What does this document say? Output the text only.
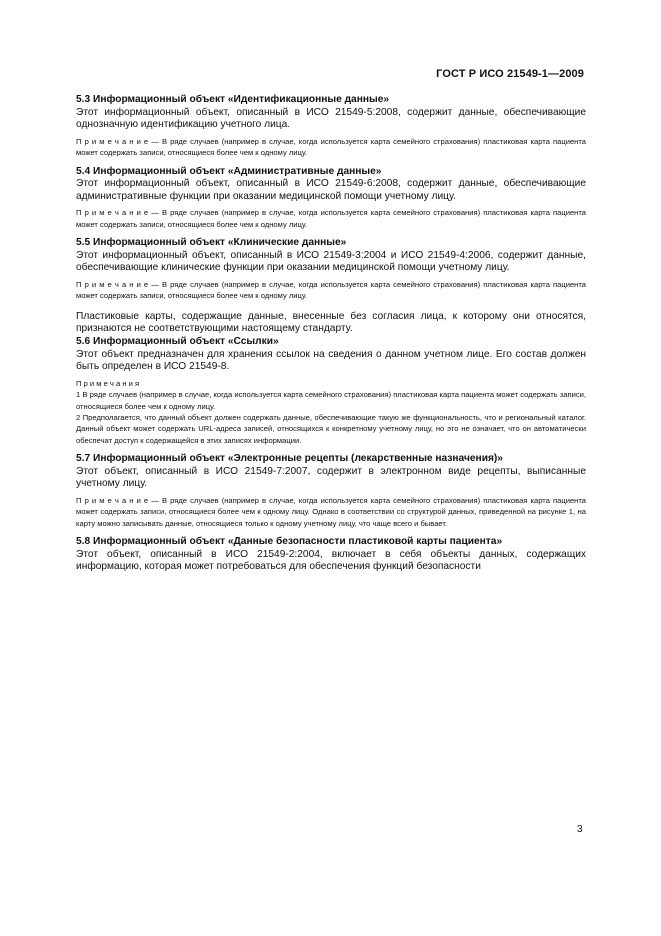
ГОСТ Р ИСО 21549-1—2009
5.3 Информационный объект «Идентификационные данные»

Этот информационный объект, описанный в ИСО 21549-5:2008, содержит данные, обеспечивающие однозначную идентификацию учетного лица.

П р и м е ч а н и е — В ряде случаев (например в случае, когда используется карта семейного страхования) пластиковая карта пациента может содержать записи, относящиеся более чем к одному лицу.

5.4 Информационный объект «Административные данные»

Этот информационный объект, описанный в ИСО 21549-6:2008, содержит данные, обеспечивающие административные функции при оказании медицинской помощи учетному лицу.

П р и м е ч а н и е — В ряде случаев (например в случае, когда используется карта семейного страхования) пластиковая карта пациента может содержать записи, относящиеся более чем к одному лицу.

5.5 Информационный объект «Клинические данные»

Этот информационный объект, описанный в ИСО 21549-3:2004 и ИСО 21549-4:2006, содержит данные, обеспечивающие клинические функции при оказании медицинской помощи учетному лицу.

П р и м е ч а н и е — В ряде случаев (например в случае, когда используется карта семейного страхования) пластиковая карта пациента может содержать записи, относящиеся более чем к одному лицу.

Пластиковые карты, содержащие данные, внесенные без согласия лица, к которому они относятся, признаются не соответствующими настоящему стандарту.

5.6 Информационный объект «Ссылки»

Этот объект предназначен для хранения ссылок на сведения о данном учетном лице. Его состав должен быть определен в ИСО 21549-8.

П р и м е ч а н и я

1 В ряде случаев (например в случае, когда используется карта семейного страхования) пластиковая карта пациента может содержать записи, относящиеся более чем к одному лицу.

2 Предполагается, что данный объект должен содержать данные, обеспечивающие такую же функциональность, что и региональный каталог. Данный объект может содержать URL-адреса записей, относящихся к конкретному учетному лицу, но это не означает, что он автоматически обеспечат доступ к содержащейся в этих записях информации.

5.7 Информационный объект «Электронные рецепты (лекарственные назначения)»

Этот объект, описанный в ИСО 21549-7:2007, содержит в электронном виде рецепты, выписанные учетному лицу.

П р и м е ч а н и е — В ряде случаев (например в случае, когда используется карта семейного страхования) пластиковая карта пациента может содержать записи, относящиеся более чем к одному лицу. Однако в соответствии со структурой данных, приведенной на рисунке 1, на карту можно записывать данные, относящиеся только к одному учетному лицу, что чаще всего и бывает.

5.8 Информационный объект «Данные безопасности пластиковой карты пациента»

Этот объект, описанный в ИСО 21549-2:2004, включает в себя объекты данных, содержащих информацию, которая может потребоваться для обеспечения функций безопасности

3
